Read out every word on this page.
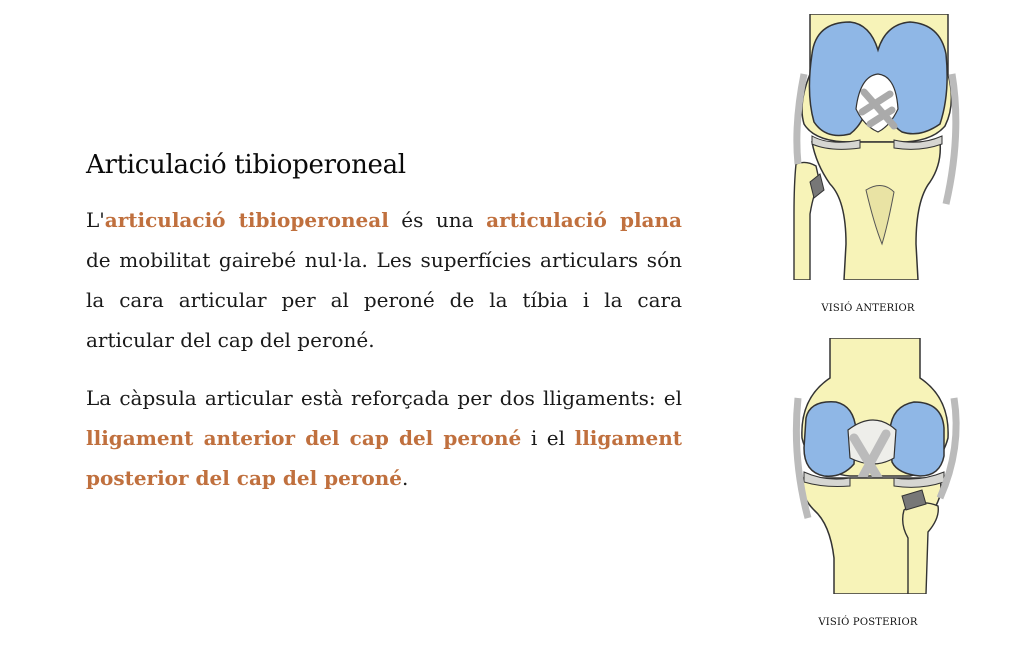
Articulació tibioperoneal

L'articulació tibioperoneal és una articulació plana de mobilitat gairebé nul·la. Les superfícies articulars són la cara articular per al peroné de la tíbia i la cara articular del cap del peroné.

La càpsula articular està reforçada per dos lligaments: el lligament anterior del cap del peroné i el lligament posterior del cap del peroné.

VISIÓ ANTERIOR
VISIÓ POSTERIOR
